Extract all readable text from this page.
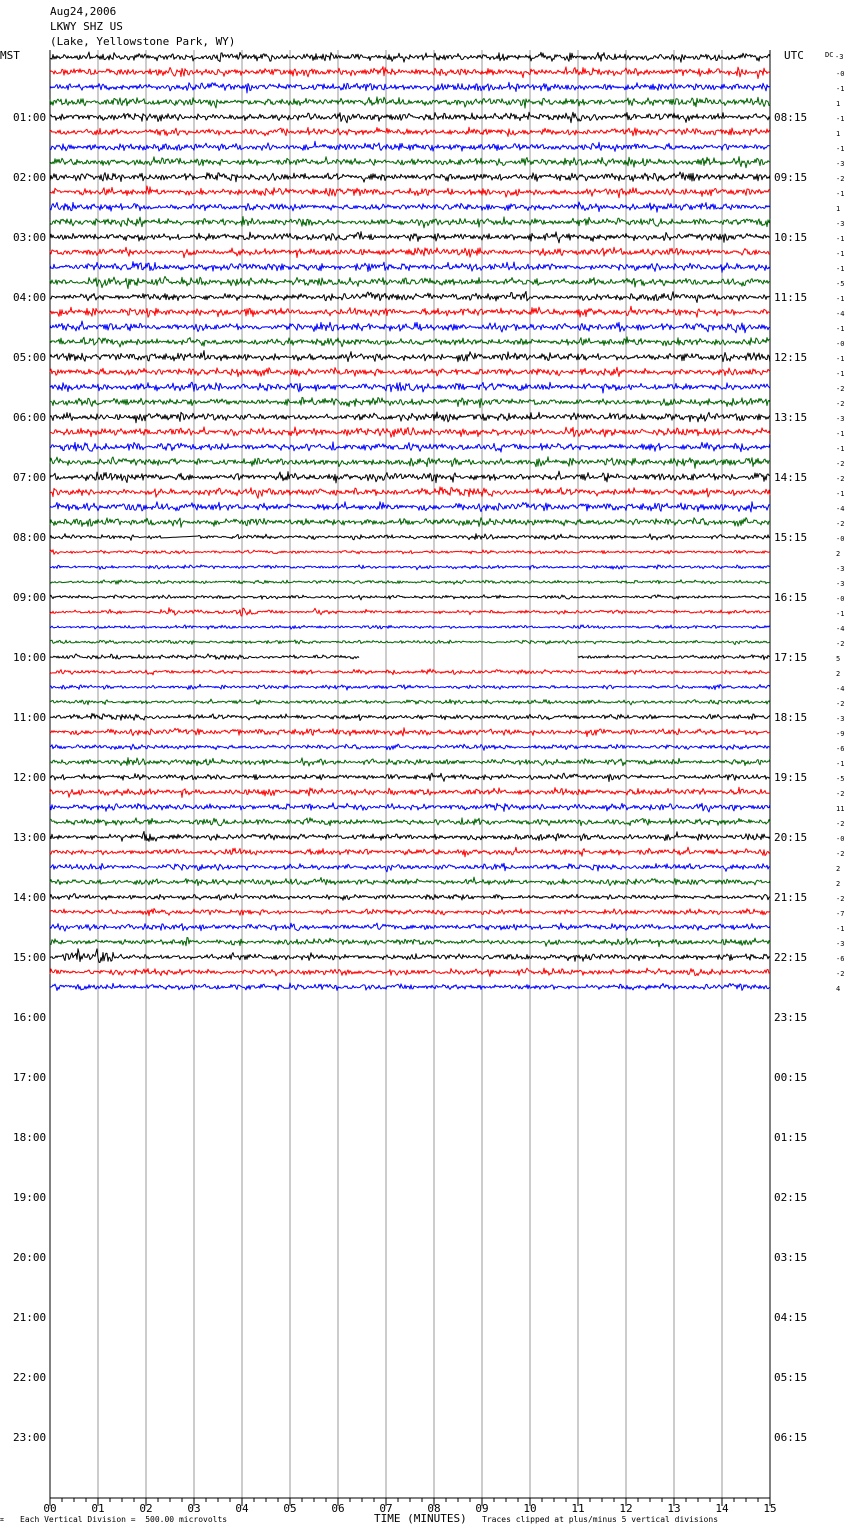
Aug24,2006
LKWY SHZ US
(Lake, Yellowstone Park, WY)
MST	UTC
00	01	02	03	04	05	06	07	08	09	10	11	12	13	14	15
01:00
02:00
03:00
04:00
05:00
06:00
07:00
08:00
09:00
10:00
11:00
12:00
13:00
14:00
15:00
16:00
17:00
18:00
19:00
20:00
21:00
22:00
23:00
08:15
09:15
10:15
11:15
12:15
13:15
14:15
15:15
16:15
17:15
18:15
19:15
20:15
21:15
22:15
23:15
00:15
01:15
02:15
03:15
04:15
05:15
06:15
DC -3
-0
-1
1
-1
1
-1
-3
-2
-1
1
-3
-1
-1
-1
-5
-1
-4
-1
-0
-1
-1
-2
-2
-3
-1
-1
-2
-2
-1
-4
-2
-0
2
-3
-3
-0
-1
-4
-2
5
2
-4
-2
-3
-9
-6
-1
-5
-2
11
-2
-0
-2
2
2
-2
-7
-1
-3
-6
-2
4
⌗ Each Vertical Division =  500.00 microvolts	TIME (MINUTES) Traces clipped at plus/minus 5 vertical divisions
